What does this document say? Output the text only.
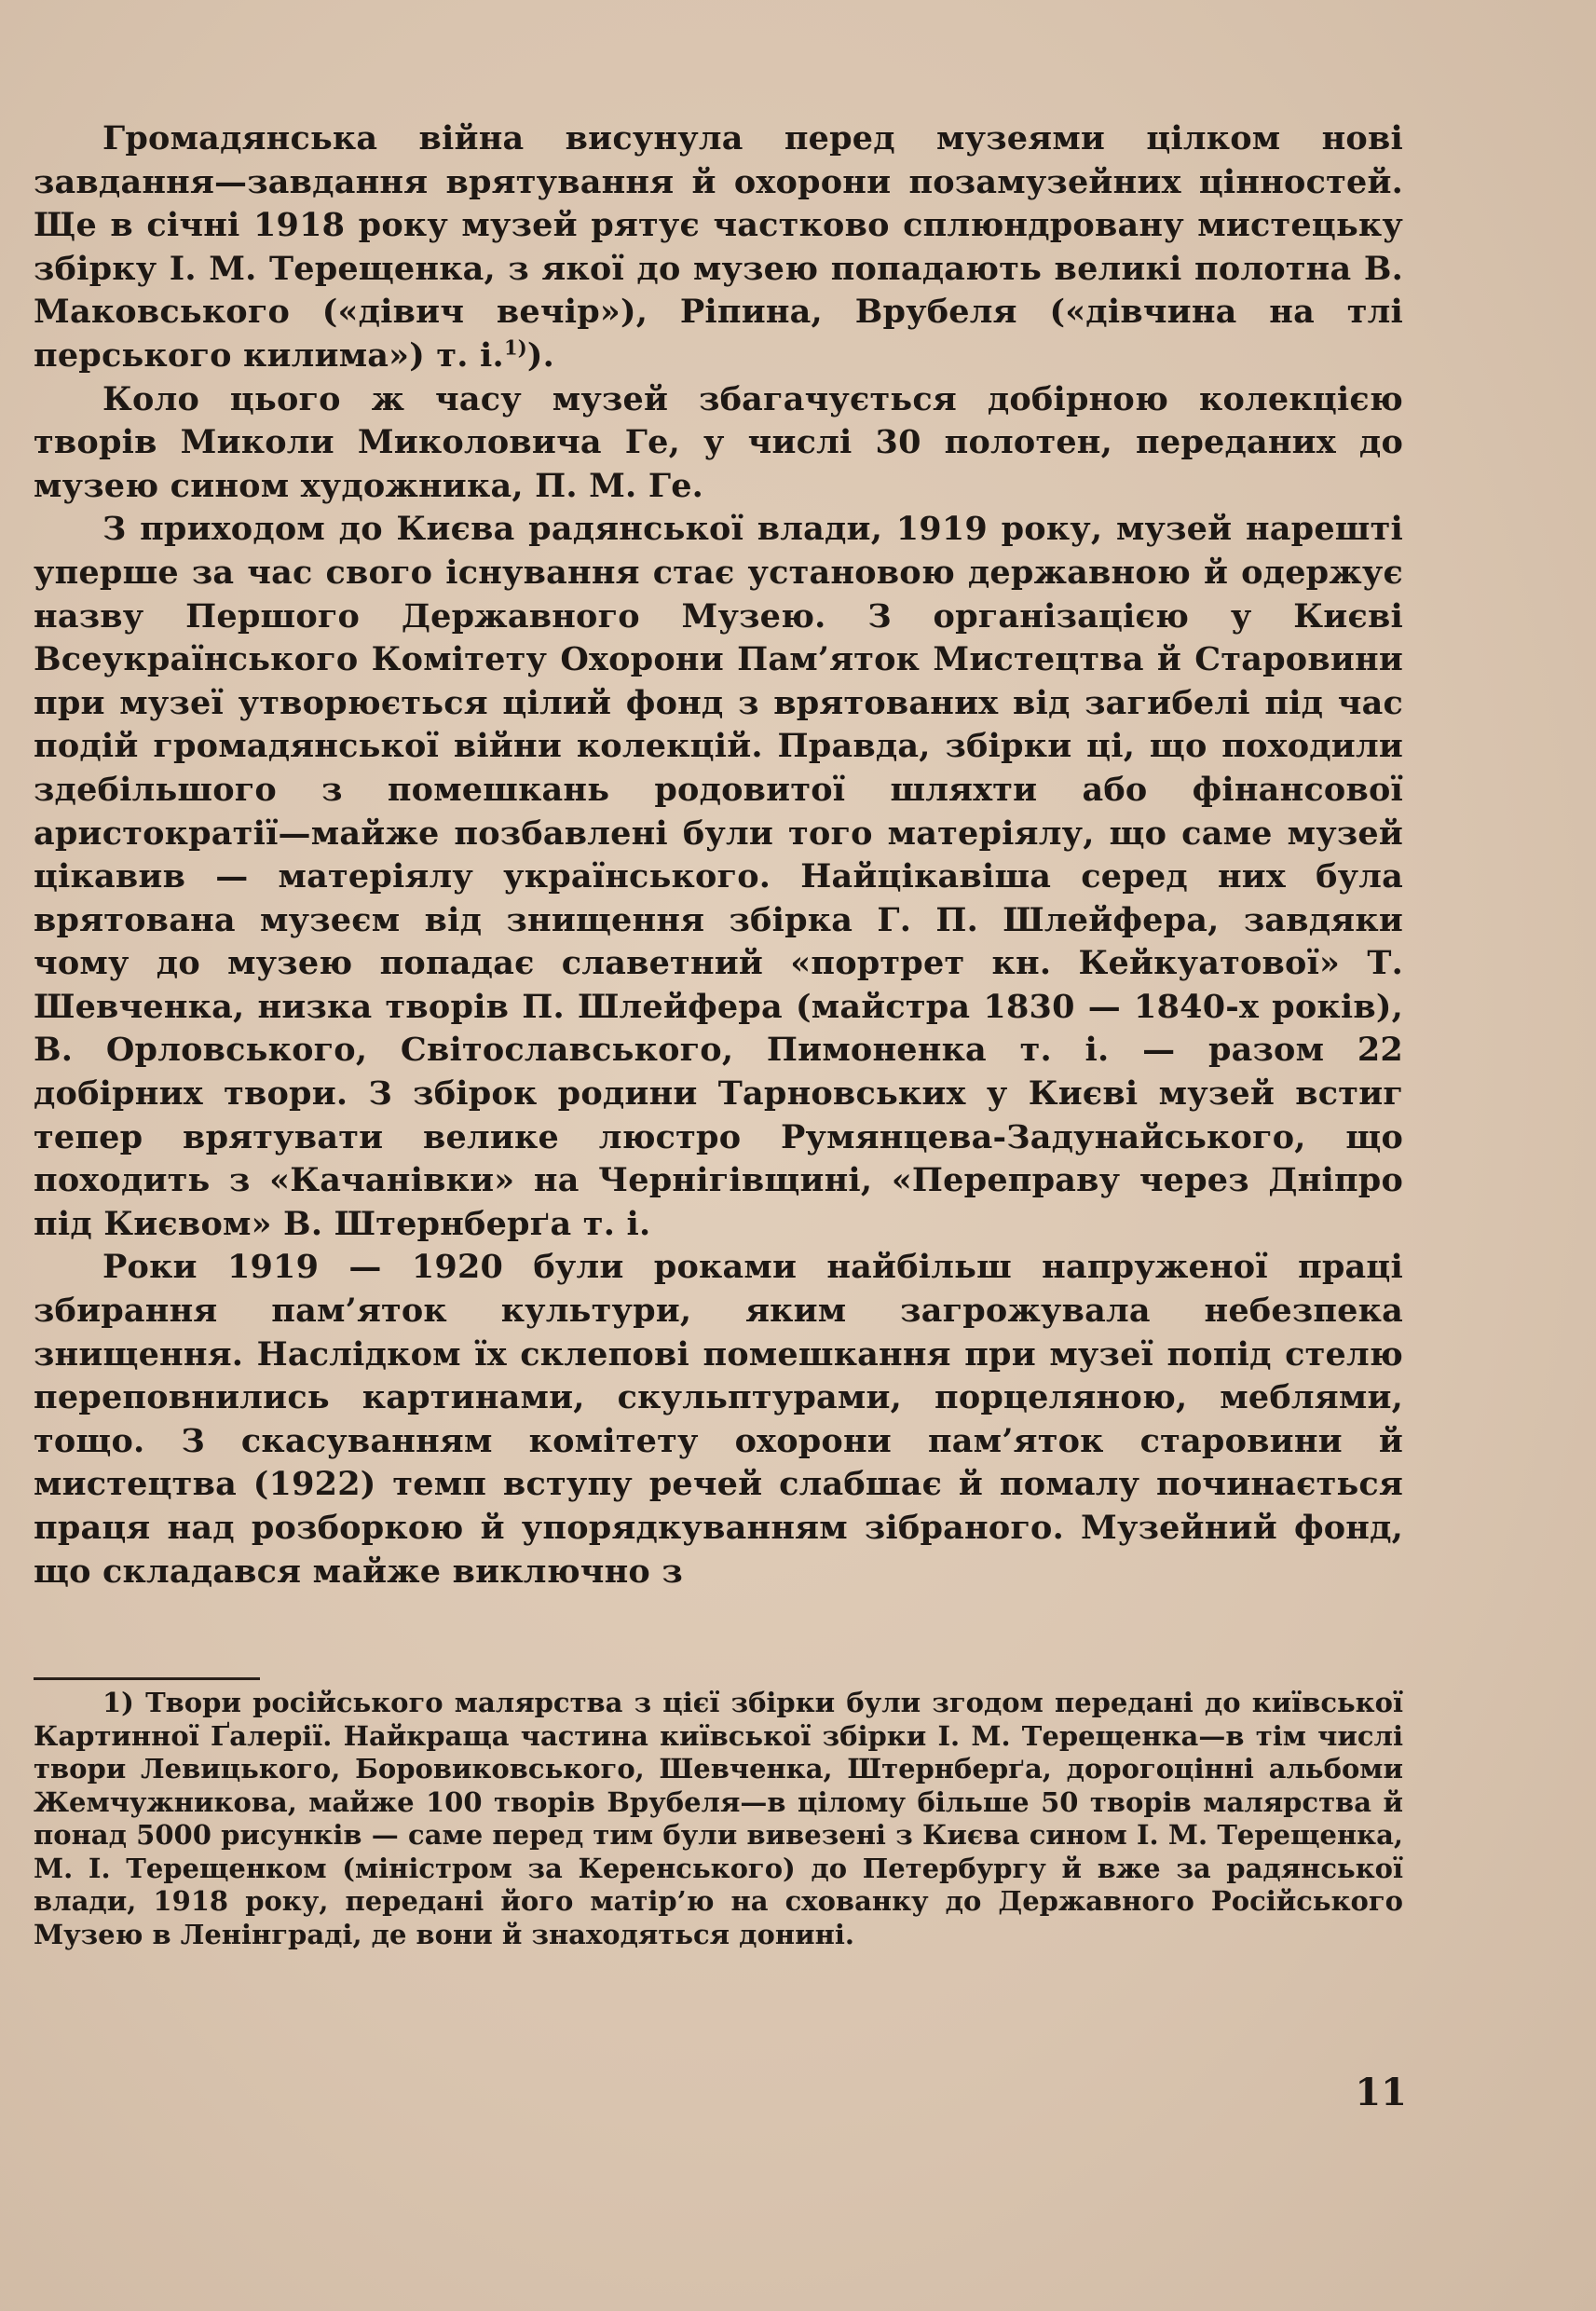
Громадянська війна висунула перед музеями цілком нові завдання—завдання врятування й охорони позамузейних цінностей. Ще в січні 1918 року музей рятує частково сплюндровану мистецьку збірку І. М. Терещенка, з якої до музею попадають великі полотна В. Маковського («дівич вечір»), Ріпина, Врубеля («дівчина на тлі перського килима») т. і.$^{1)}$).

Коло цього ж часу музей збагачується добірною колекцією творів Миколи Миколовича Ге, у числі 30 полотен, переданих до музею сином художника, П. М. Ге.

З приходом до Києва радянської влади, 1919 року, музей нарешті уперше за час свого існування стає установою державною й одержує назву Першого Державного Музею. З організацією у Києві Всеукраїнського Комітету Охорони Пам’яток Мистецтва й Старовини при музеї утворюється цілий фонд з врятованих від загибелі під час подій громадянської війни колекцій. Правда, збірки ці, що походили здебільшого з помешкань родовитої шляхти або фінансової аристократії—майже позбавлені були того матеріялу, що саме музей цікавив — матеріялу українського. Найцікавіша серед них була врятована музеєм від знищення збірка Г. П. Шлейфера, завдяки чому до музею попадає славетний «портрет кн. Кейкуатової» Т. Шевченка, низка творів П. Шлейфера (майстра 1830 — 1840-х років), В. Орловського, Світославського, Пимоненка т. і. — разом 22 добірних твори. З збірок родини Тарновських у Києві музей встиг тепер врятувати велике люстро Румянцева-Задунайського, що походить з «Качанівки» на Чернігівщині, «Переправу через Дніпро під Києвом» В. Штернберґа т. і.

Роки 1919 — 1920 були роками найбільш напруженої праці збирання пам’яток культури, яким загрожувала небезпека знищення. Наслідком їх склепові помешкання при музеї попід стелю переповнились картинами, скульптурами, порцеляною, меблями, тощо. З скасуванням комітету охорони пам’яток старовини й мистецтва (1922) темп вступу речей слабшає й помалу починається праця над розборкою й упорядкуванням зібраного. Музейний фонд, що складався майже виключно з

1) Твори російського малярства з цієї збірки були згодом передані до київської Картинної Ґалерії. Найкраща частина київської збірки І. М. Терещенка—в тім числі твори Левицького, Боровиковського, Шевченка, Штернберґа, дорогоцінні альбоми Жемчужникова, майже 100 творів Врубеля—в цілому більше 50 творів малярства й понад 5000 рисунків — саме перед тим були вивезені з Києва сином І. М. Терещенка, М. І. Терещенком (міністром за Керенського) до Петербургу й вже за радянської влади, 1918 року, передані його матір’ю на схованку до Державного Російського Музею в Ленінграді, де вони й знаходяться донині.

11
